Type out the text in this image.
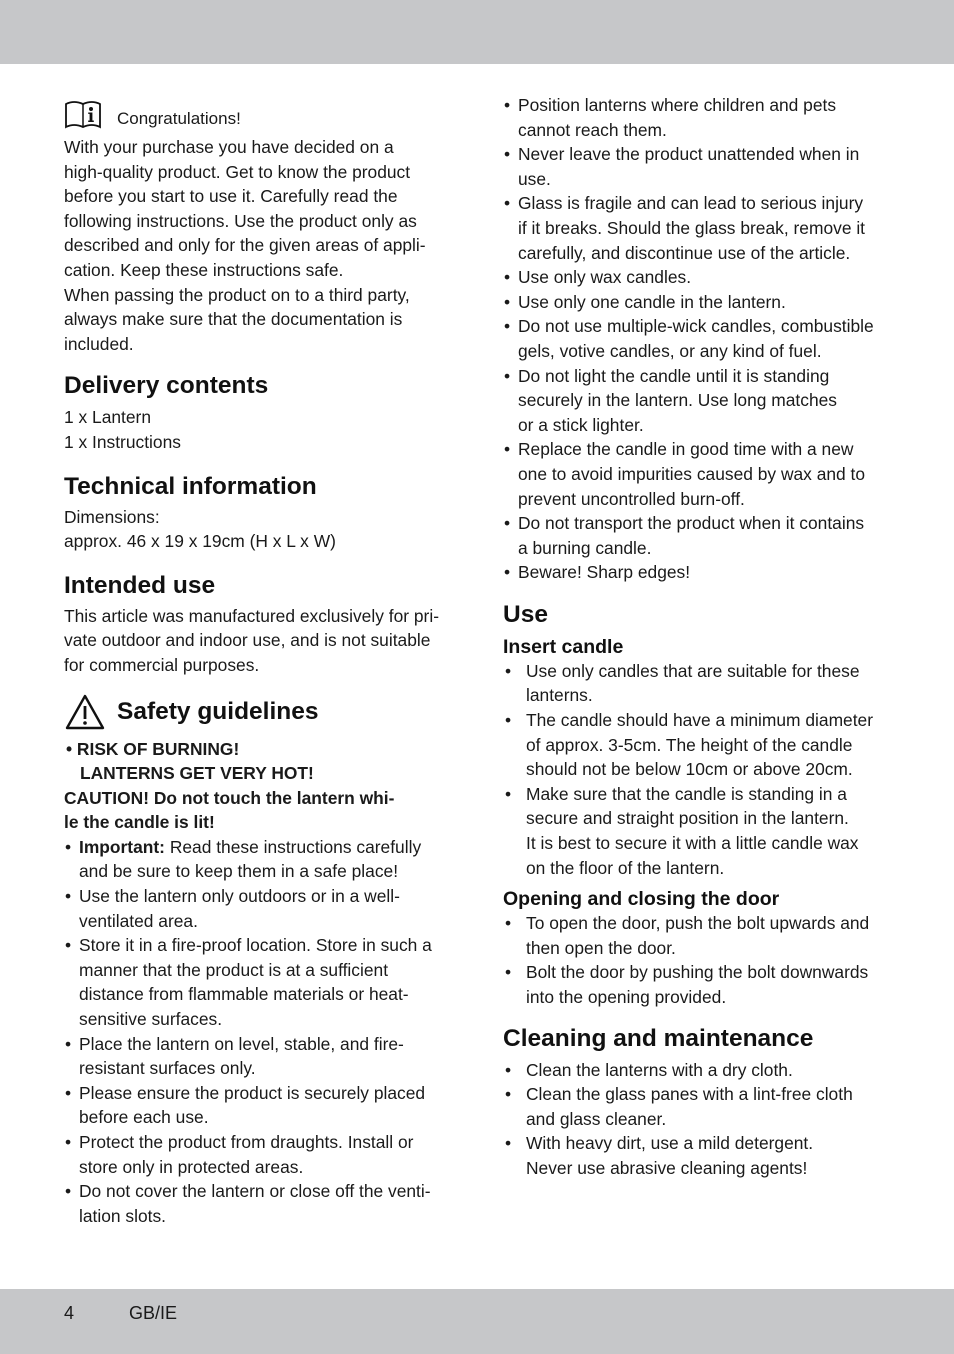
Congratulations!
With your purchase you have decided on a
high-quality product. Get to know the product
before you start to use it. Carefully read the
following instructions. Use the product only as
described and only for the given areas of appli-
cation. Keep these instructions safe.
When passing the product on to a third party,
always make sure that the documentation is
included.
Delivery contents
1 x Lantern
1 x Instructions
Technical information
Dimensions:
approx. 46 x 19 x 19cm (H x L x W)
Intended use
This article was manufactured exclusively for pri-
vate outdoor and indoor use, and is not suitable
for commercial purposes.
Safety guidelines
• RISK OF BURNING!
LANTERNS GET VERY HOT!
CAUTION! Do not touch the lantern whi-
le the candle is lit!
• Important: Read these instructions carefully
and be sure to keep them in a safe place!
• Use the lantern only outdoors or in a well-
ventilated area.
• Store it in a fire-proof location. Store in such a
manner that the product is at a sufficient
distance from flammable materials or heat-
sensitive surfaces.
• Place the lantern on level, stable, and fire-
resistant surfaces only.
• Please ensure the product is securely placed
before each use.
• Protect the product from draughts. Install or
store only in protected areas.
• Do not cover the lantern or close off the venti-
lation slots.
• Position lanterns where children and pets
cannot reach them.
• Never leave the product unattended when in
use.
• Glass is fragile and can lead to serious injury
if it breaks. Should the glass break, remove it
carefully, and discontinue use of the article.
• Use only wax candles.
• Use only one candle in the lantern.
• Do not use multiple-wick candles, combustible
gels, votive candles, or any kind of fuel.
• Do not light the candle until it is standing
securely in the lantern. Use long matches
or a stick lighter.
• Replace the candle in good time with a new
one to avoid impurities caused by wax and to
prevent uncontrolled burn-off.
• Do not transport the product when it contains
a burning candle.
• Beware! Sharp edges!
Use
Insert candle
• Use only candles that are suitable for these
lanterns.
• The candle should have a minimum diameter
of approx. 3-5cm. The height of the candle
should not be below 10cm or above 20cm.
• Make sure that the candle is standing in a
secure and straight position in the lantern.
It is best to secure it with a little candle wax
on the floor of the lantern.
Opening and closing the door
• To open the door, push the bolt upwards and
then open the door.
• Bolt the door by pushing the bolt downwards
into the opening provided.
Cleaning and maintenance
• Clean the lanterns with a dry cloth.
• Clean the glass panes with a lint-free cloth
and glass cleaner.
• With heavy dirt, use a mild detergent.
Never use abrasive cleaning agents!
4	GB/IE
